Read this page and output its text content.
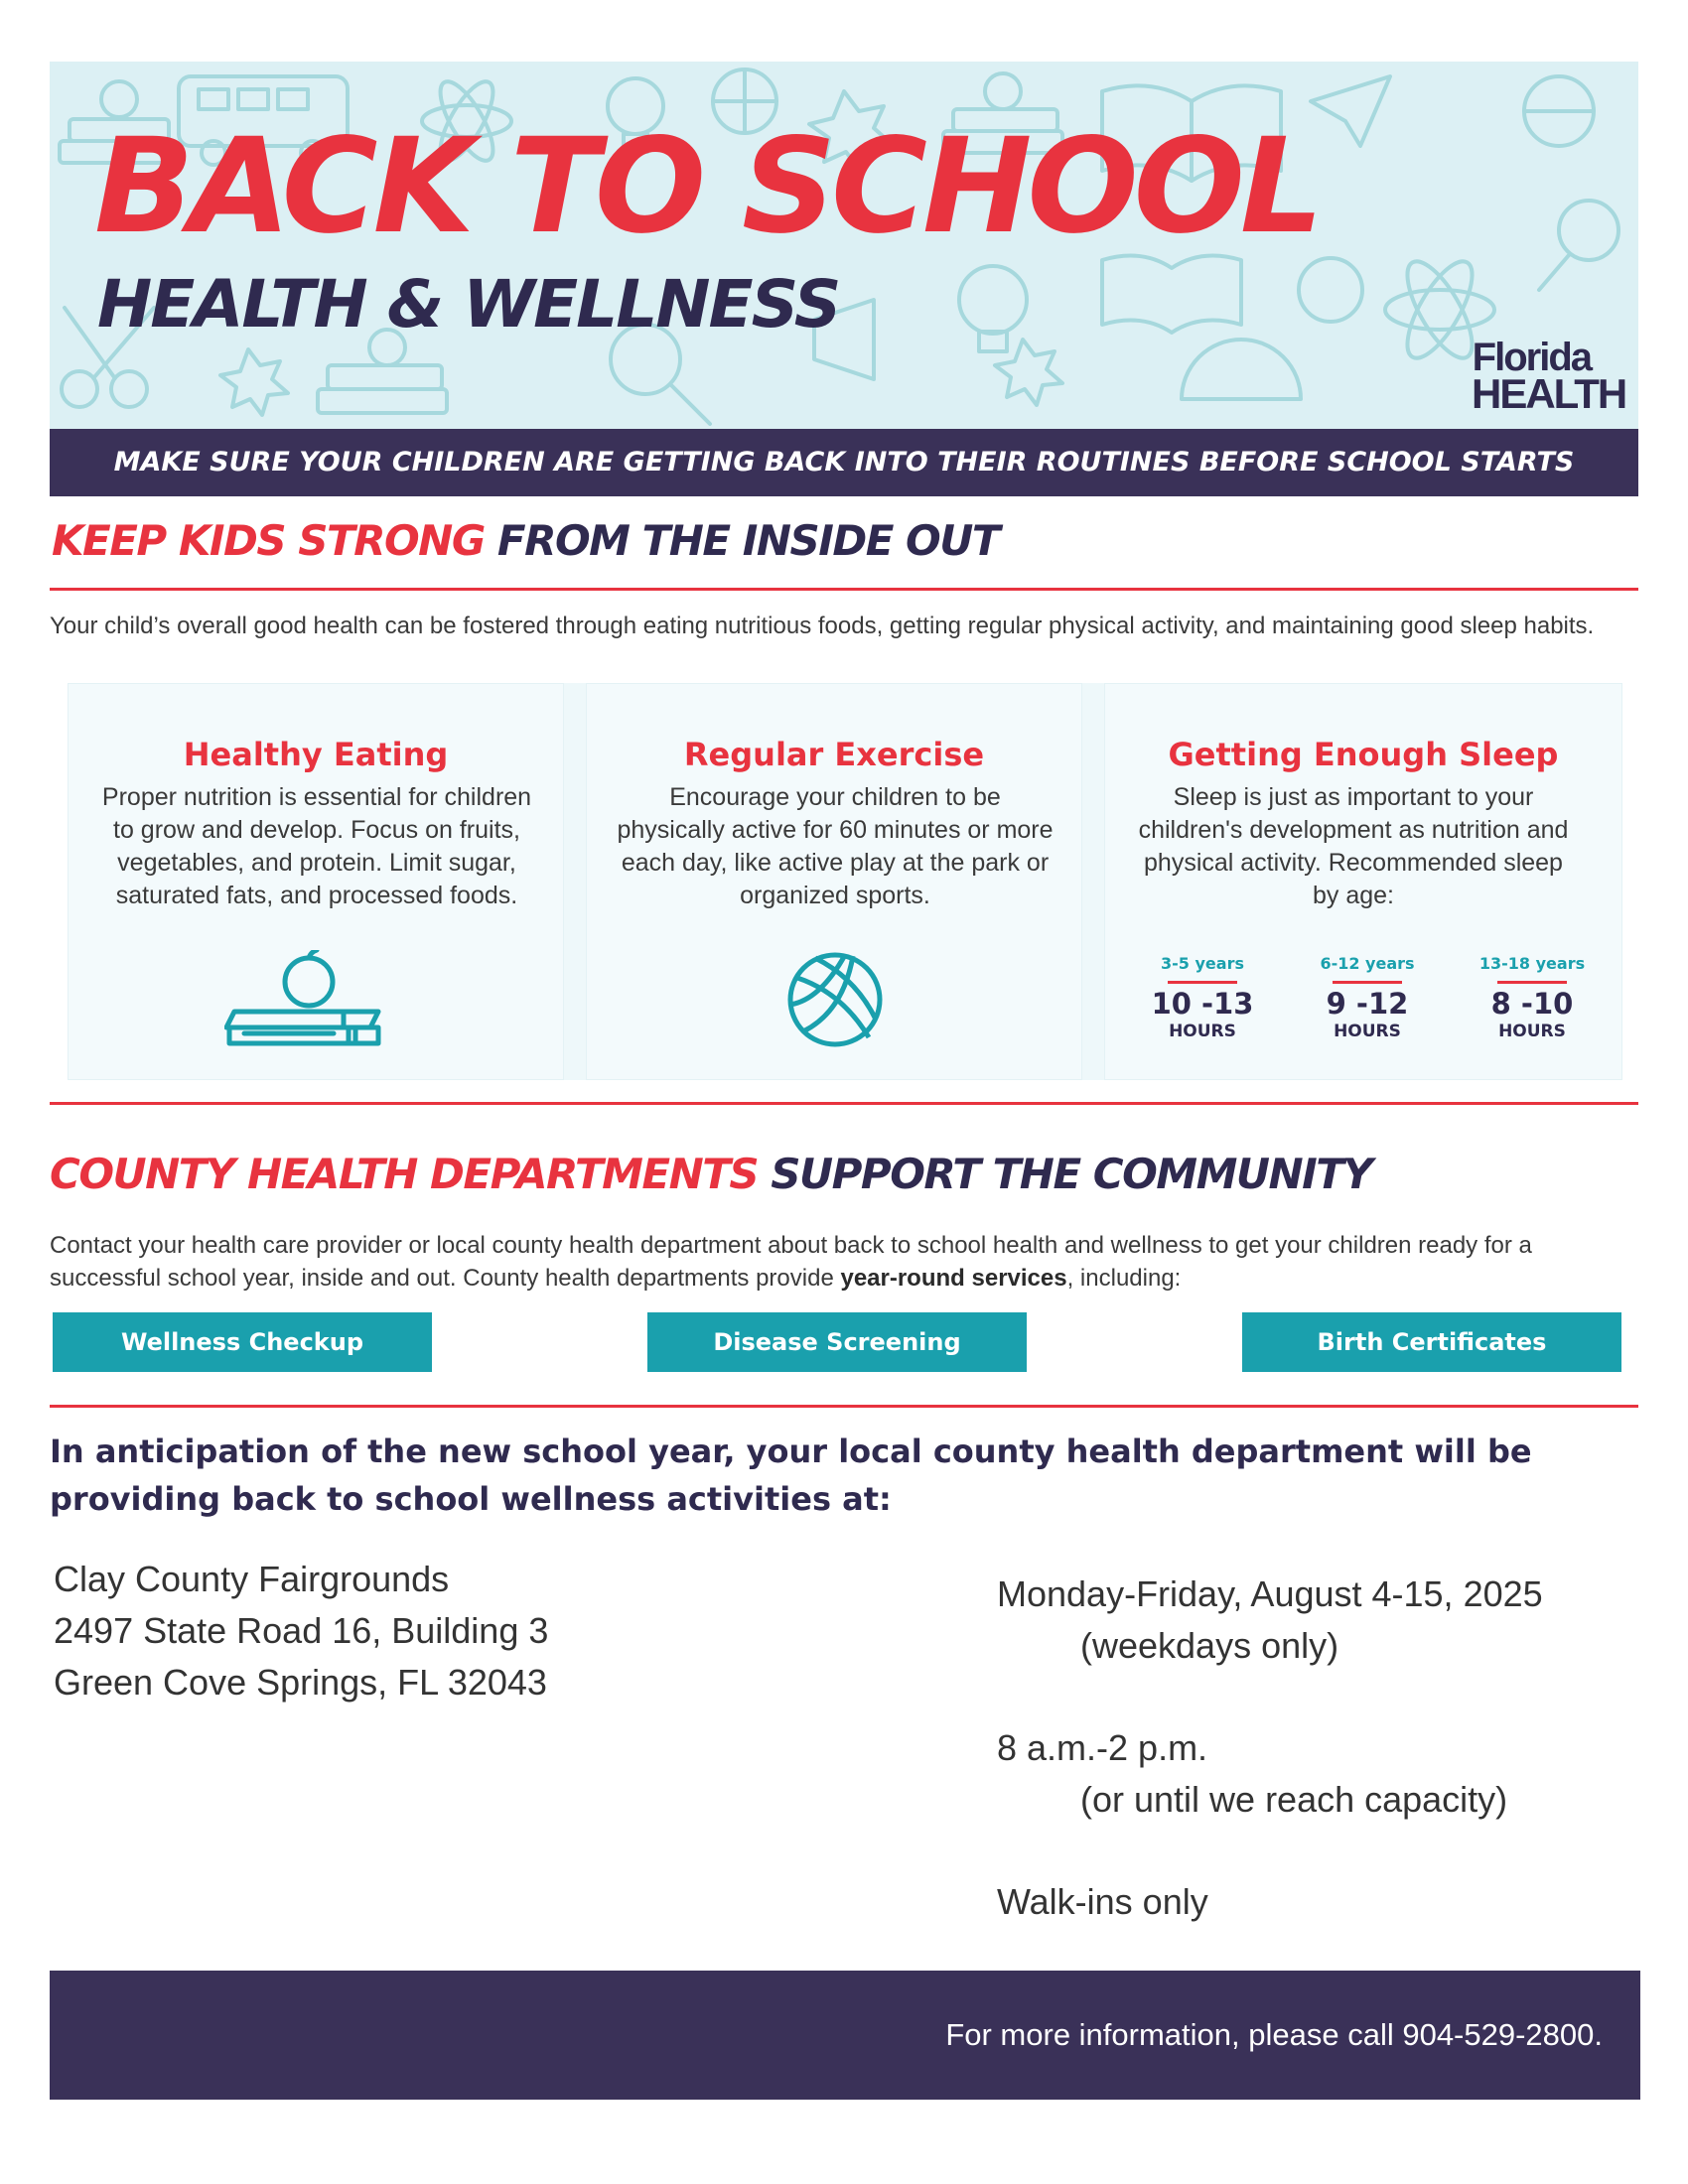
BACK TO SCHOOL
HEALTH & WELLNESS
Florida
HEALTH
MAKE SURE YOUR CHILDREN ARE GETTING BACK INTO THEIR ROUTINES BEFORE SCHOOL STARTS
KEEP KIDS STRONG FROM THE INSIDE OUT
Your child’s overall good health can be fostered through eating nutritious foods, getting regular physical activity, and maintaining good sleep habits.
Healthy Eating
Proper nutrition is essential for children to grow and develop. Focus on fruits, vegetables, and protein. Limit sugar, saturated fats, and processed foods.
Regular Exercise
Encourage your children to be physically active for 60 minutes or more each day, like active play at the park or organized sports.
Getting Enough Sleep
Sleep is just as important to your children's development as nutrition and physical activity. Recommended sleep by age:
3-5 years
10 -13
HOURS
6-12 years
9 -12
HOURS
13-18 years
8 -10
HOURS
COUNTY HEALTH DEPARTMENTS SUPPORT THE COMMUNITY
Contact your health care provider or local county health department about back to school health and wellness to get your children ready for a successful school year, inside and out. County health departments provide year-round services, including:
Wellness Checkup	Disease Screening	Birth Certificates
In anticipation of the new school year, your local county health department will be providing back to school wellness activities at:
Clay County Fairgrounds
2497 State Road 16, Building 3
Green Cove Springs, FL 32043
Monday-Friday, August 4-15, 2025
(weekdays only)
8 a.m.-2 p.m.
(or until we reach capacity)
Walk-ins only
For more information, please call 904-529-2800.
